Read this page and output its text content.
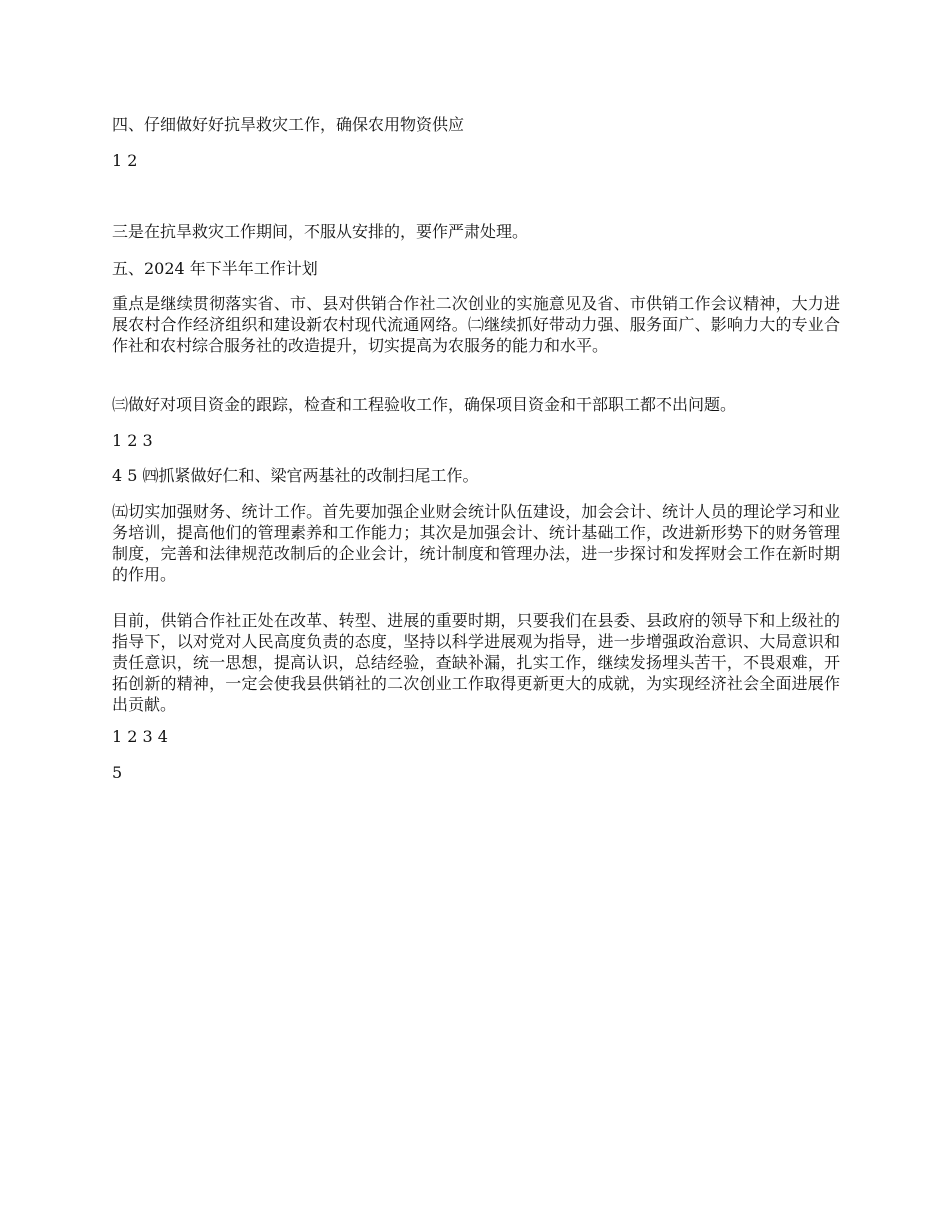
四、仔细做好好抗旱救灾工作，确保农用物资供应
1 2
三是在抗旱救灾工作期间，不服从安排的，要作严肃处理。
五、2024 年下半年工作计划
重点是继续贯彻落实省、市、县对供销合作社二次创业的实施意见及省、市供销工作会议精神，大力进展农村合作经济组织和建设新农村现代流通网络。㈡继续抓好带动力强、服务面广、影响力大的专业合作社和农村综合服务社的改造提升，切实提高为农服务的能力和水平。
㈢做好对项目资金的跟踪，检查和工程验收工作，确保项目资金和干部职工都不出问题。
1 2 3
4 5 ㈣抓紧做好仁和、梁官两基社的改制扫尾工作。
㈤切实加强财务、统计工作。首先要加强企业财会统计队伍建设，加会会计、统计人员的理论学习和业务培训，提高他们的管理素养和工作能力；其次是加强会计、统计基础工作，改进新形势下的财务管理制度，完善和法律规范改制后的企业会计，统计制度和管理办法，进一步探讨和发挥财会工作在新时期的作用。
目前，供销合作社正处在改革、转型、进展的重要时期，只要我们在县委、县政府的领导下和上级社的指导下，以对党对人民高度负责的态度，坚持以科学进展观为指导，进一步增强政治意识、大局意识和责任意识，统一思想，提高认识，总结经验，查缺补漏，扎实工作，继续发扬埋头苦干，不畏艰难，开拓创新的精神，一定会使我县供销社的二次创业工作取得更新更大的成就，为实现经济社会全面进展作出贡献。
1 2 3 4
5
